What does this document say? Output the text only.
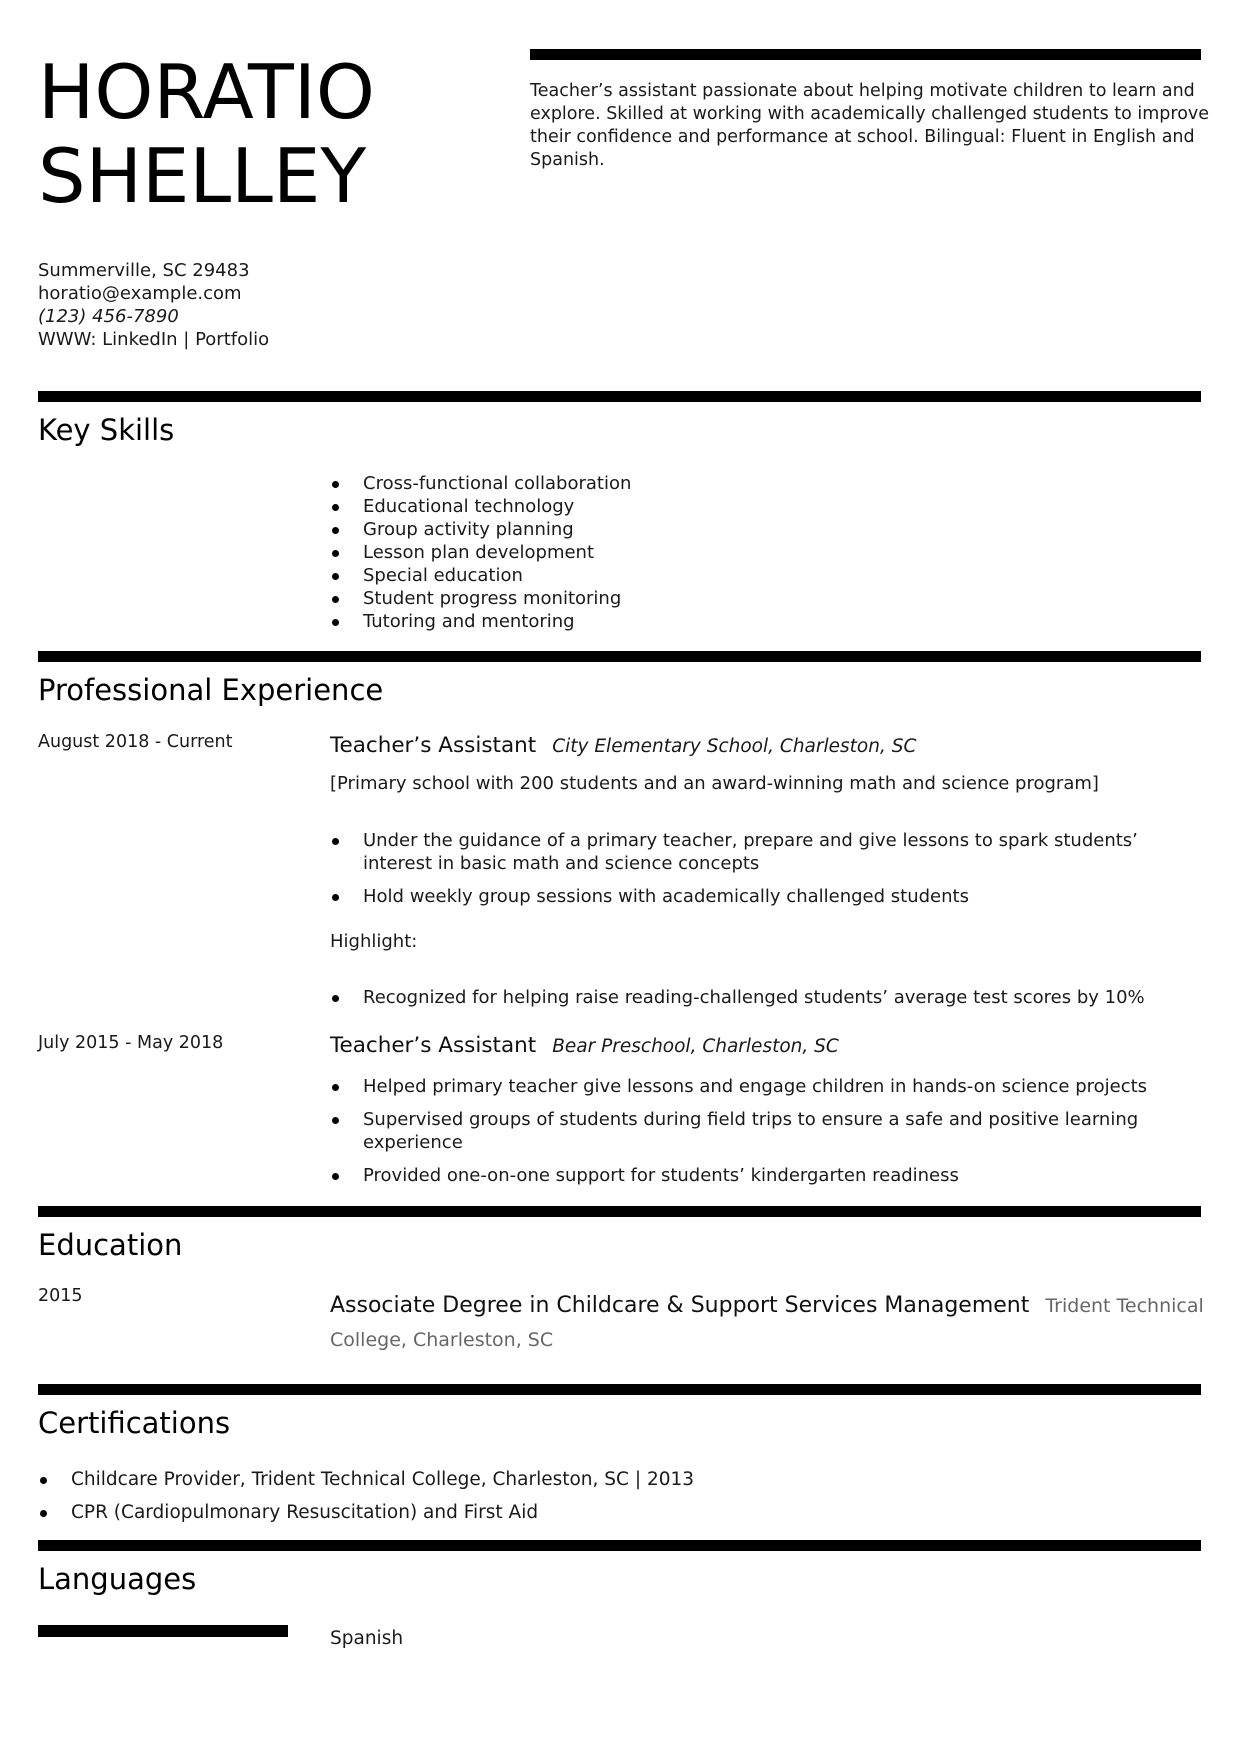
HORATIO
SHELLEY
Teacher’s assistant passionate about helping motivate children to learn and explore. Skilled at working with academically challenged students to improve their confidence and performance at school. Bilingual: Fluent in English and Spanish.
Summerville, SC 29483
horatio@example.com
(123) 456-7890
WWW: LinkedIn | Portfolio
Key Skills
Cross-functional collaboration
Educational technology
Group activity planning
Lesson plan development
Special education
Student progress monitoring
Tutoring and mentoring
Professional Experience
August 2018 - Current	Teacher’s Assistant City Elementary School, Charleston, SC
[Primary school with 200 students and an award-winning math and science program]
Under the guidance of a primary teacher, prepare and give lessons to spark students’ interest in basic math and science concepts
Hold weekly group sessions with academically challenged students
Highlight:
Recognized for helping raise reading-challenged students’ average test scores by 10%
July 2015 - May 2018	Teacher’s Assistant Bear Preschool, Charleston, SC
Helped primary teacher give lessons and engage children in hands-on science projects
Supervised groups of students during field trips to ensure a safe and positive learning experience
Provided one-on-one support for students’ kindergarten readiness
Education
2015	Associate Degree in Childcare & Support Services Management Trident Technical College, Charleston, SC
Certifications
Childcare Provider, Trident Technical College, Charleston, SC | 2013
CPR (Cardiopulmonary Resuscitation) and First Aid
Languages
Spanish
